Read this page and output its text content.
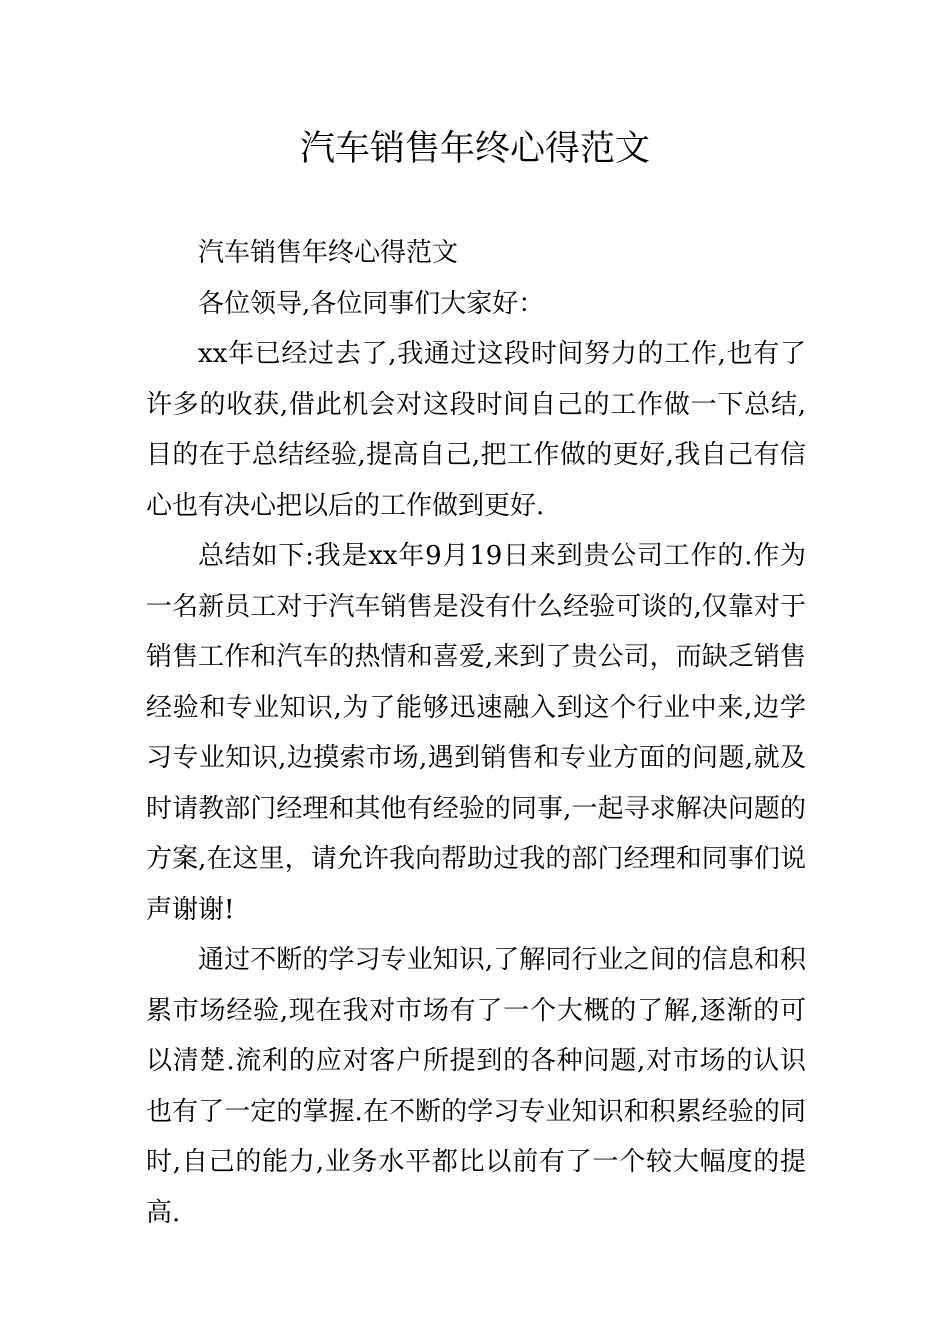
汽车销售年终心得范文

汽车销售年终心得范文

各位领导,各位同事们大家好：

xx年已经过去了,我通过这段时间努力的工作,也有了许多的收获,借此机会对这段时间自己的工作做一下总结,目的在于总结经验,提高自己,把工作做的更好,我自己有信心也有决心把以后的工作做到更好.

总结如下:我是xx年9月19日来到贵公司工作的.作为一名新员工对于汽车销售是没有什么经验可谈的,仅靠对于销售工作和汽车的热情和喜爱,来到了贵公司，而缺乏销售经验和专业知识,为了能够迅速融入到这个行业中来,边学习专业知识,边摸索市场,遇到销售和专业方面的问题,就及时请教部门经理和其他有经验的同事,一起寻求解决问题的方案,在这里，请允许我向帮助过我的部门经理和同事们说声谢谢!

通过不断的学习专业知识,了解同行业之间的信息和积累市场经验,现在我对市场有了一个大概的了解,逐渐的可以清楚.流利的应对客户所提到的各种问题,对市场的认识也有了一定的掌握.在不断的学习专业知识和积累经验的同时,自己的能力,业务水平都比以前有了一个较大幅度的提高.
